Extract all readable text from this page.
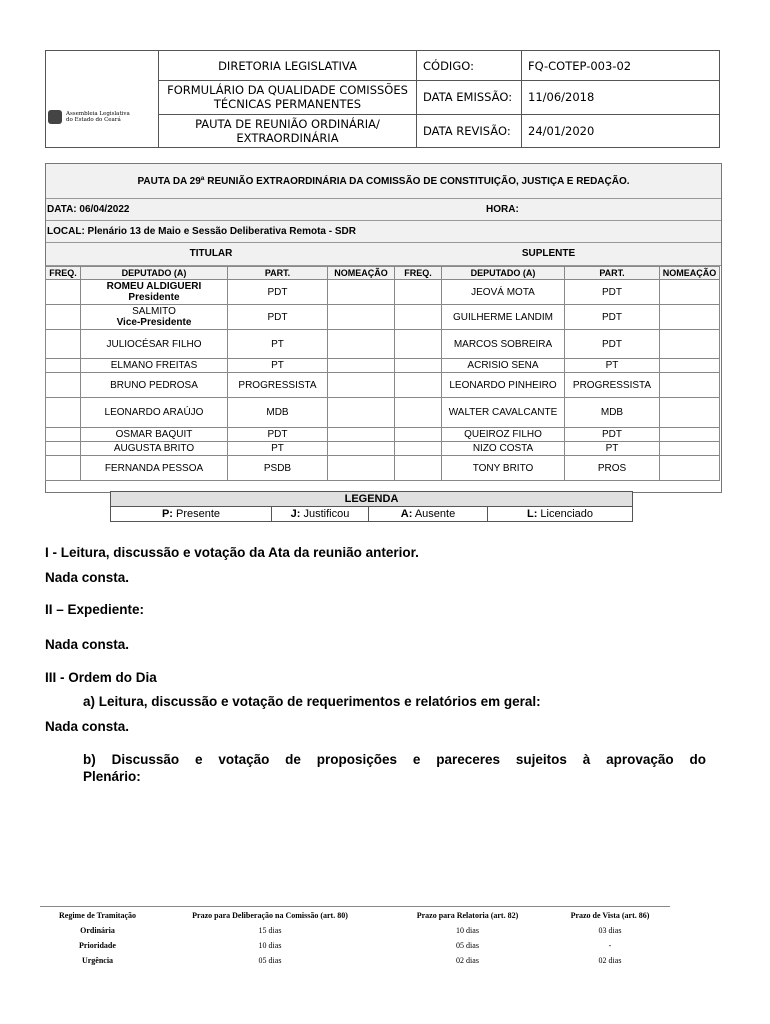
	DIRETORIA LEGISLATIVA	CÓDIGO:	FQ-COTEP-003-02
	FORMULÁRIO DA QUALIDADE COMISSÕES TÉCNICAS PERMANENTES	DATA EMISSÃO:	11/06/2018
	PAUTA DE REUNIÃO ORDINÁRIA/ EXTRAORDINÁRIA	DATA REVISÃO:	24/01/2020
Assembleia Legislativa
do Estado do Ceará
PAUTA DA 29ª REUNIÃO EXTRAORDINÁRIA DA COMISSÃO DE CONSTITUIÇÃO, JUSTIÇA E REDAÇÃO.
DATA: 06/04/2022	HORA:
LOCAL: Plenário 13 de Maio e Sessão Deliberativa Remota - SDR
TITULAR	SUPLENTE
FREQ.	DEPUTADO (A)	PART.	NOMEAÇÃO	FREQ.	DEPUTADO (A)	PART.	NOMEAÇÃO

	ROMEU ALDIGUERI
Presidente	PDT			JEOVÁ MOTA	PDT	

	SALMITO
Vice-Presidente	PDT			GUILHERME LANDIM	PDT	

	JULIOCÉSAR FILHO	PT			MARCOS SOBREIRA	PDT	

	ELMANO FREITAS	PT			ACRISIO SENA	PT	

	BRUNO PEDROSA	PROGRESSISTA			LEONARDO PINHEIRO	PROGRESSISTA	

	LEONARDO ARAÚJO	MDB			WALTER CAVALCANTE	MDB	

	OSMAR BAQUIT	PDT			QUEIROZ FILHO	PDT	

	AUGUSTA BRITO	PT			NIZO COSTA	PT	

	FERNANDA PESSOA	PSDB			TONY BRITO	PROS	

LEGENDA
P: Presente	J: Justificou	A: Ausente	L: Licenciado
I - Leitura, discussão e votação da Ata da reunião anterior.
Nada consta.
II – Expediente:
Nada consta.
III - Ordem do Dia
a) Leitura, discussão e votação de requerimentos e relatórios em geral:
Nada consta.
b) Discussão e votação de proposições e pareceres sujeitos à aprovação do
Plenário:
Regime de Tramitação	Prazo para Deliberação na Comissão (art. 80)	Prazo para Relatoria (art. 82)	Prazo de Vista (art. 86)
Ordinária	15 dias	10 dias	03 dias
Prioridade	10 dias	05 dias	-
Urgência	05 dias	02 dias	02 dias
